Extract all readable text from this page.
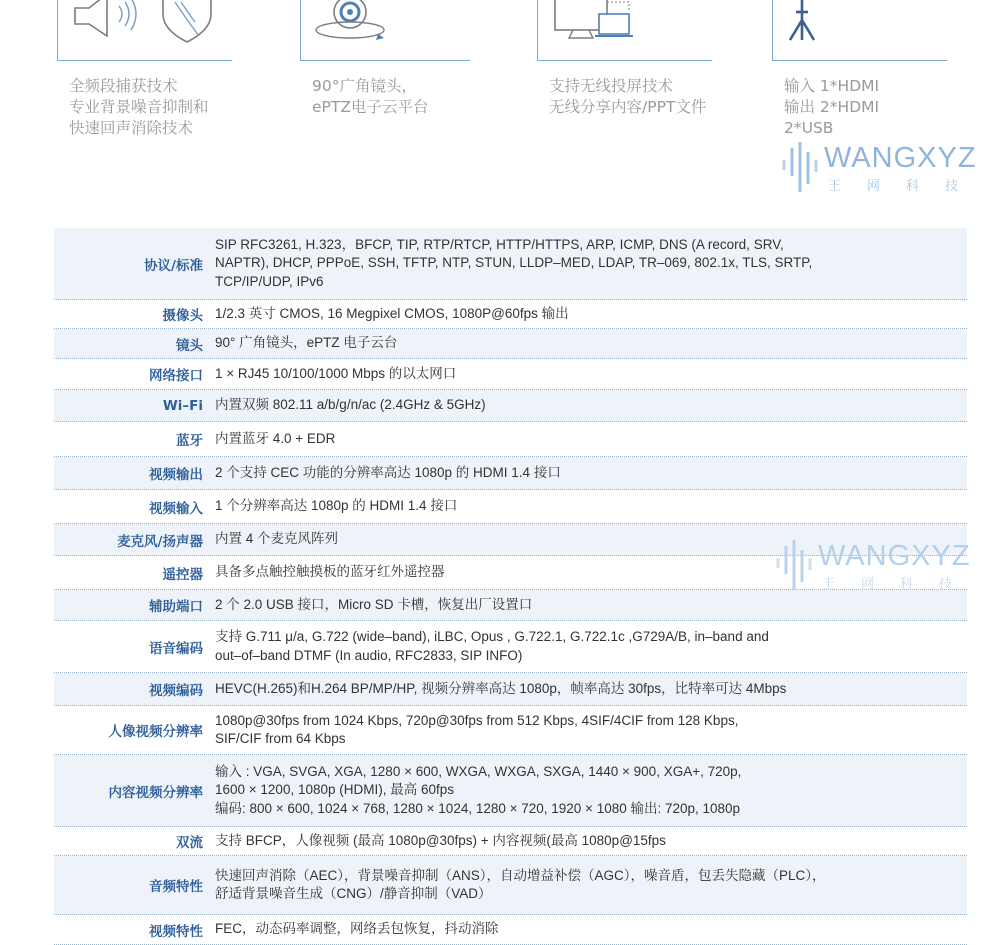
全频段捕获技术
专业背景噪音抑制和
快速回声消除技术
90°广角镜头，
ePTZ电子云平台
支持无线投屏技术
无线分享内容/PPT文件
输入 1*HDMI
输出 2*HDMI
2*USB
WANGXYZ
王网科技
协议/标准
SIP RFC3261, H.323，BFCP, TIP, RTP/RTCP, HTTP/HTTPS, ARP, ICMP, DNS (A record, SRV,
NAPTR), DHCP, PPPoE, SSH, TFTP, NTP, STUN, LLDP–MED, LDAP, TR–069, 802.1x, TLS, SRTP,
TCP/IP/UDP, IPv6
摄像头 1/2.3 英寸 CMOS, 16 Megpixel CMOS, 1080P@60fps 输出
镜头 90° 广角镜头，ePTZ 电子云台
网络接口 1 × RJ45 10/100/1000 Mbps 的以太网口
Wi–Fi 内置双频 802.11 a/b/g/n/ac (2.4GHz & 5GHz)
蓝牙 内置蓝牙 4.0 + EDR
视频输出 2 个支持 CEC 功能的分辨率高达 1080p 的 HDMI 1.4 接口
视频输入 1 个分辨率高达 1080p 的 HDMI 1.4 接口
麦克风/扬声器 内置 4 个麦克风阵列
遥控器 具备多点触控触摸板的蓝牙红外遥控器
辅助端口 2 个 2.0 USB 接口，Micro SD 卡槽，恢复出厂设置口
语音编码
支持 G.711 μ/a, G.722 (wide–band), iLBC, Opus , G.722.1, G.722.1c ,G729A/B, in–band and
out–of–band DTMF (In audio, RFC2833, SIP INFO)
视频编码 HEVC(H.265)和H.264 BP/MP/HP, 视频分辨率高达 1080p，帧率高达 30fps，比特率可达 4Mbps
人像视频分辨率
1080p@30fps from 1024 Kbps, 720p@30fps from 512 Kbps, 4SIF/4CIF from 128 Kbps,
SIF/CIF from 64 Kbps
内容视频分辨率
输入 : VGA, SVGA, XGA, 1280 × 600, WXGA, WXGA, SXGA, 1440 × 900, XGA+, 720p,
1600 × 1200, 1080p (HDMI), 最高 60fps
编码: 800 × 600, 1024 × 768, 1280 × 1024, 1280 × 720, 1920 × 1080 输出: 720p, 1080p
双流 支持 BFCP，人像视频 (最高 1080p@30fps) + 内容视频(最高 1080p@15fps
音频特性
快速回声消除（AEC），背景噪音抑制（ANS），自动增益补偿（AGC），噪音盾，包丢失隐藏（PLC），
舒适背景噪音生成（CNG）/静音抑制（VAD）
视频特性 FEC，动态码率调整，网络丢包恢复，抖动消除
WANGXYZ
王网科技
